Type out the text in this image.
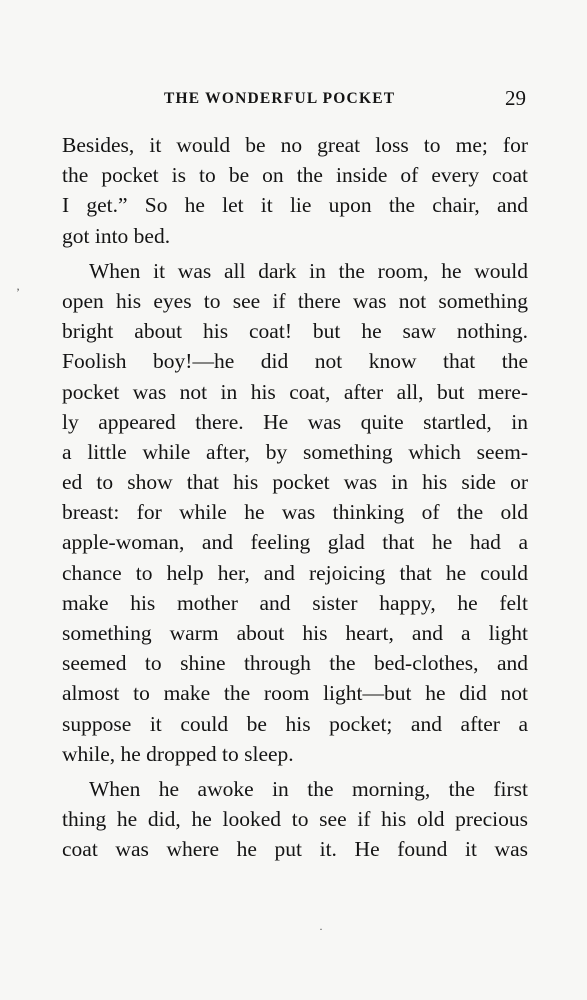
THE WONDERFUL POCKET	29
Besides, it would be no great loss to me; for
the pocket is to be on the inside of every coat
I get.” So he let it lie upon the chair, and
got into bed.
When it was all dark in the room, he would
open his eyes to see if there was not something
bright about his coat! but he saw nothing.
Foolish boy!—he did not know that the
pocket was not in his coat, after all, but mere-
ly appeared there. He was quite startled, in
a little while after, by something which seem-
ed to show that his pocket was in his side or
breast: for while he was thinking of the old
apple-woman, and feeling glad that he had a
chance to help her, and rejoicing that he could
make his mother and sister happy, he felt
something warm about his heart, and a light
seemed to shine through the bed-clothes, and
almost to make the room light—but he did not
suppose it could be his pocket; and after a
while, he dropped to sleep.
When he awoke in the morning, the first
thing he did, he looked to see if his old precious
coat was where he put it. He found it was
’
·
